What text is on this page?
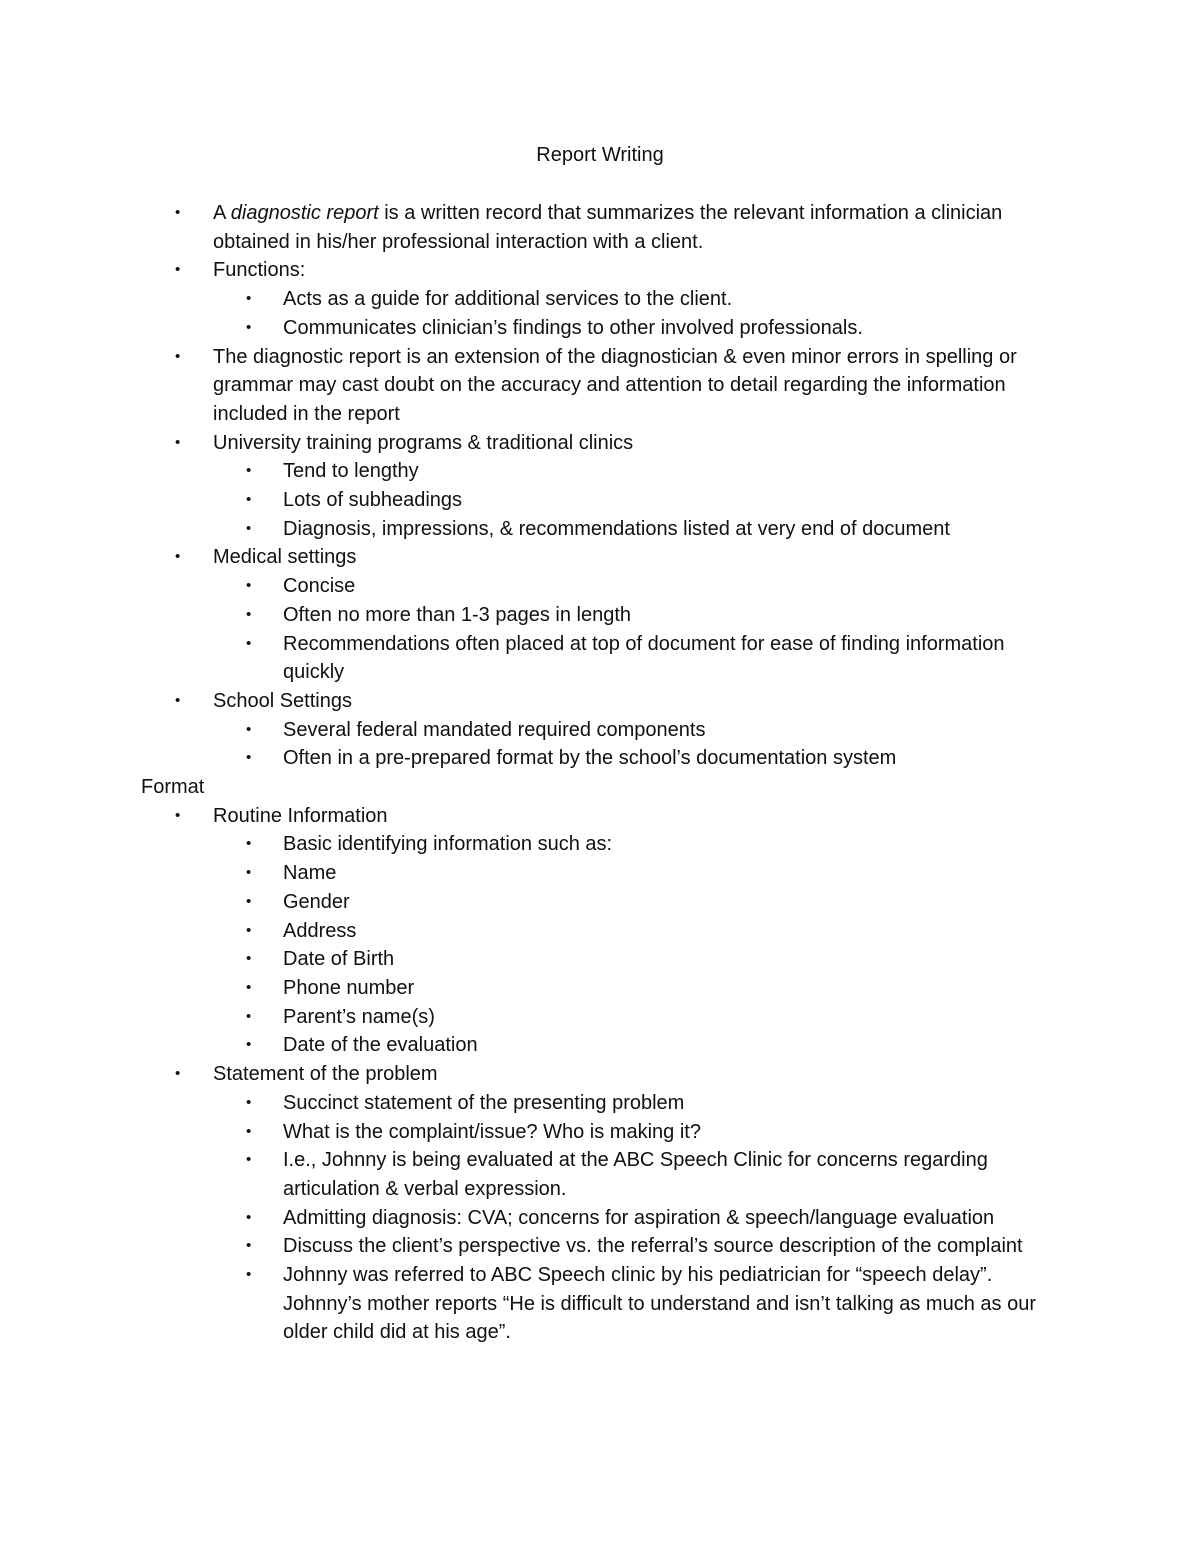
Report Writing
• A diagnostic report is a written record that summarizes the relevant information a clinician obtained in his/her professional interaction with a client.
• Functions:
• Acts as a guide for additional services to the client.
• Communicates clinician’s findings to other involved professionals.
• The diagnostic report is an extension of the diagnostician & even minor errors in spelling or grammar may cast doubt on the accuracy and attention to detail regarding the information included in the report
• University training programs & traditional clinics
• Tend to lengthy
• Lots of subheadings
• Diagnosis, impressions, & recommendations listed at very end of document
• Medical settings
• Concise
• Often no more than 1-3 pages in length
• Recommendations often placed at top of document for ease of finding information quickly
• School Settings
• Several federal mandated required components
• Often in a pre-prepared format by the school’s documentation system
Format
• Routine Information
• Basic identifying information such as:
• Name
• Gender
• Address
• Date of Birth
• Phone number
• Parent’s name(s)
• Date of the evaluation
• Statement of the problem
• Succinct statement of the presenting problem
• What is the complaint/issue? Who is making it?
• I.e., Johnny is being evaluated at the ABC Speech Clinic for concerns regarding articulation & verbal expression.
• Admitting diagnosis: CVA; concerns for aspiration & speech/language evaluation
• Discuss the client’s perspective vs. the referral’s source description of the complaint
• Johnny was referred to ABC Speech clinic by his pediatrician for “speech delay”. Johnny’s mother reports “He is difficult to understand and isn’t talking as much as our older child did at his age”.
